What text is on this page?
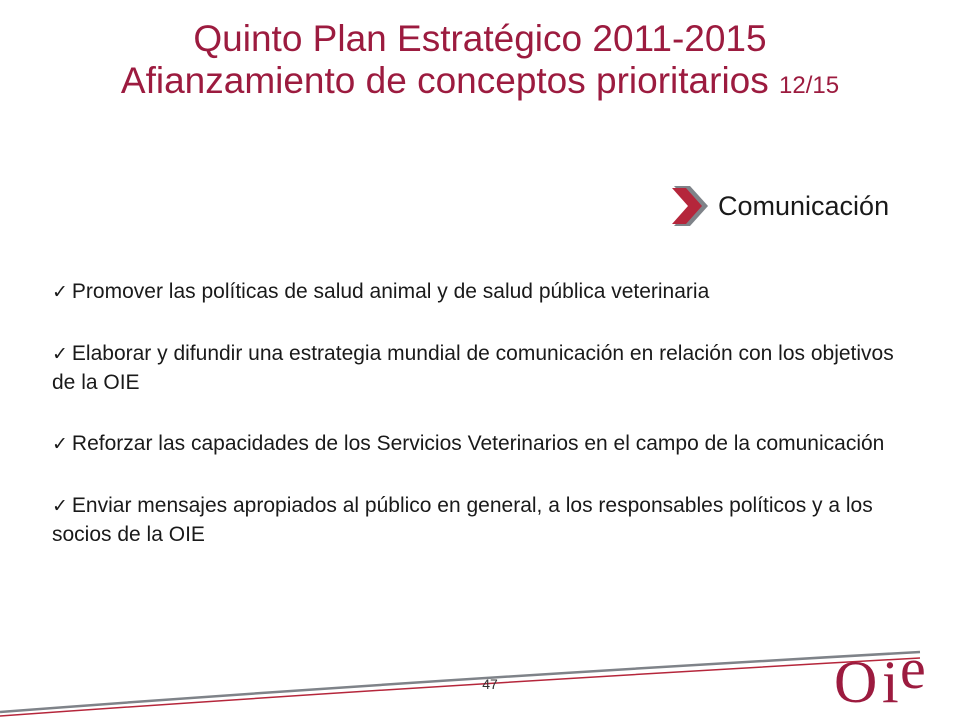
Quinto Plan Estratégico 2011-2015
Afianzamiento de conceptos prioritarios 12/15
Comunicación
✓ Promover las políticas de salud animal y de salud pública veterinaria
✓ Elaborar y difundir una estrategia mundial de comunicación en relación con los objetivos de la OIE
✓ Reforzar las capacidades de los Servicios Veterinarios en el campo de la comunicación
✓ Enviar mensajes apropiados al público en general, a los responsables políticos y a los socios de la OIE
47	O i e
